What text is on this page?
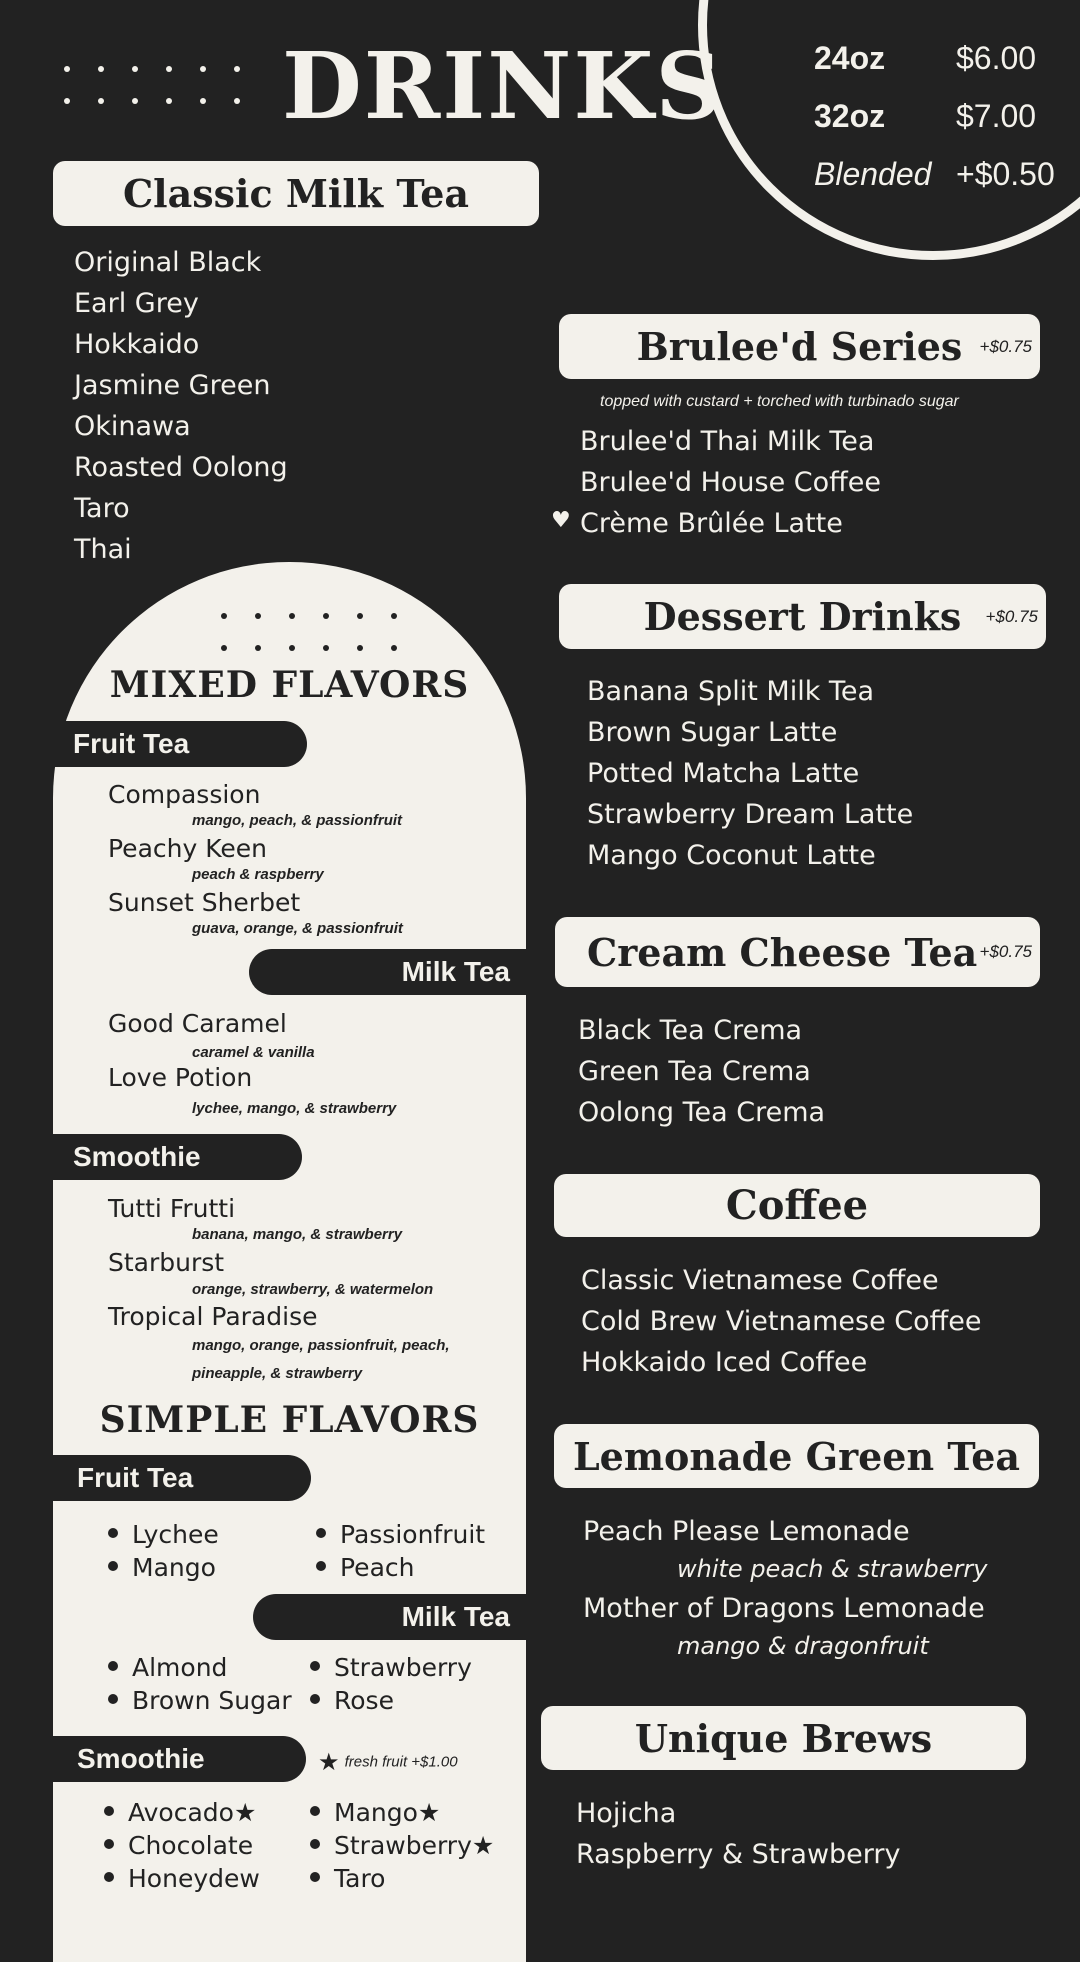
DRINKS	24oz $6.00
32oz $7.00
Blended +$0.50
Classic Milk Tea
Original Black
Earl Grey
Hokkaido
Jasmine Green
Okinawa
Roasted Oolong
Taro
Thai
MIXED FLAVORS
Fruit Tea
Compassion
mango, peach, & passionfruit
Peachy Keen
peach & raspberry
Sunset Sherbet
guava, orange, & passionfruit
Milk Tea
Good Caramel
caramel & vanilla
Love Potion
lychee, mango, & strawberry
Smoothie
Tutti Frutti
banana, mango, & strawberry
Starburst
orange, strawberry, & watermelon
Tropical Paradise
mango, orange, passionfruit, peach,
pineapple, & strawberry
SIMPLE FLAVORS
Fruit Tea
Lychee
Mango
Passionfruit
Peach
Milk Tea
Almond
Brown Sugar
Strawberry
Rose
Smoothie	★ fresh fruit +$1.00
Avocado★
Chocolate
Honeydew
Mango★
Strawberry★
Taro
Brulee'd Series +$0.75
topped with custard + torched with turbinado sugar
Brulee'd Thai Milk Tea
Brulee'd House Coffee
Crème Brûlée Latte
♥
Dessert Drinks +$0.75
Banana Split Milk Tea
Brown Sugar Latte
Potted Matcha Latte
Strawberry Dream Latte
Mango Coconut Latte
Cream Cheese Tea +$0.75
Black Tea Crema
Green Tea Crema
Oolong Tea Crema
Coffee
Classic Vietnamese Coffee
Cold Brew Vietnamese Coffee
Hokkaido Iced Coffee
Lemonade Green Tea
Peach Please Lemonade
white peach & strawberry
Mother of Dragons Lemonade
mango & dragonfruit
Unique Brews
Hojicha
Raspberry & Strawberry
